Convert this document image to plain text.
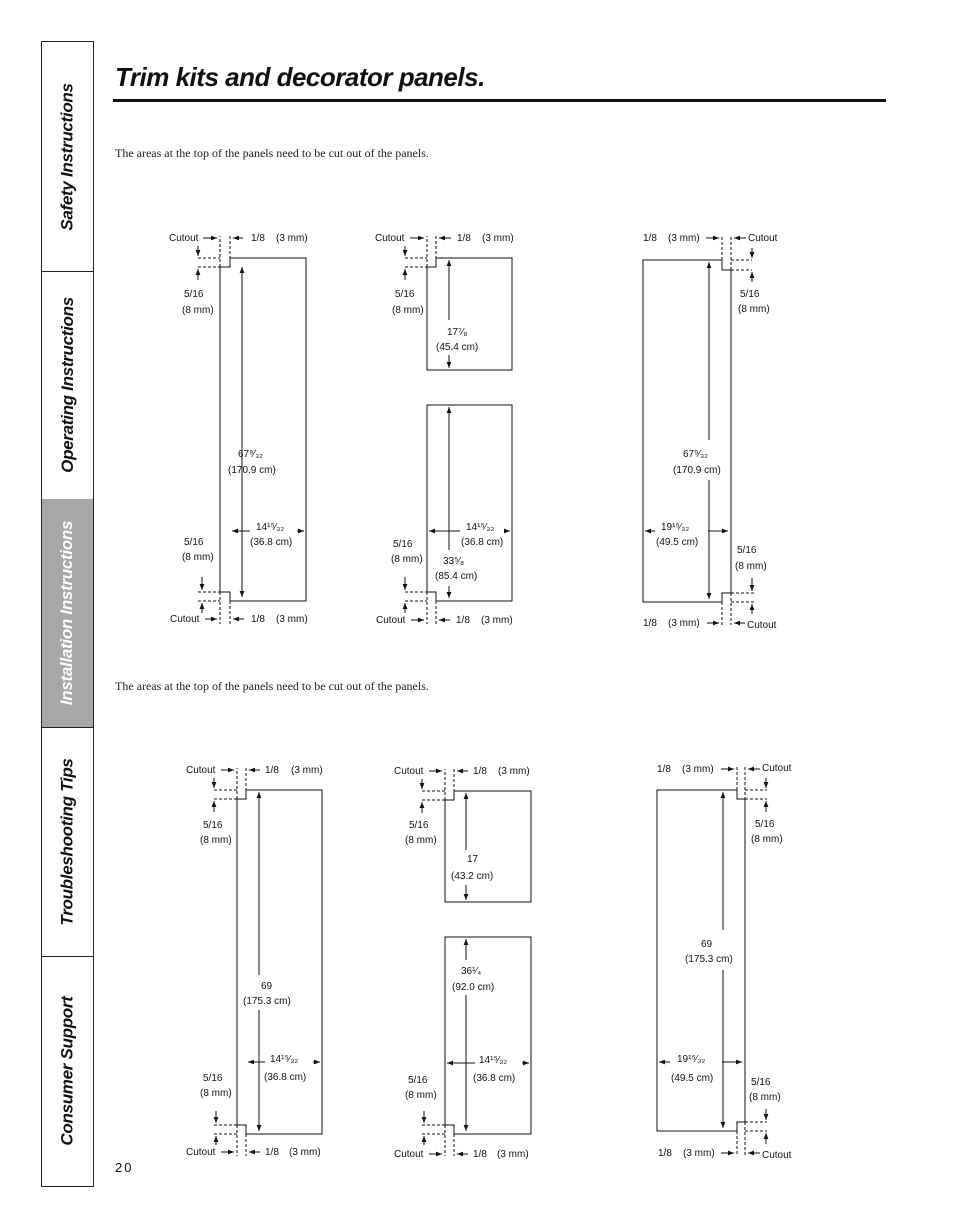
Safety Instructions
Operating Instructions
Installation Instructions
Troubleshooting Tips
Consumer Support
Trim kits and decorator panels.

The areas at the top of the panels need to be cut out of the panels.

The areas at the top of the panels need to be cut out of the panels.

Cutout	1/8 (3 mm)
5/16
(8 mm)
67⁹⁄₃₂
(170.9 cm)
14¹⁵⁄₃₂
(36.8 cm)
5/16
(8 mm)
Cutout	1/8 (3 mm)
Cutout	1/8 (3 mm)
5/16
(8 mm)
17⁷⁄₈
(45.4 cm)
33⁵⁄₈
(85.4 cm)
14¹⁵⁄₃₂
(36.8 cm)
5/16
(8 mm)
Cutout	1/8 (3 mm)
1/8 (3 mm)	Cutout
5/16
(8 mm)
67⁹⁄₃₂
(170.9 cm)
19¹⁵⁄₃₂
(49.5 cm)
5/16
(8 mm)
1/8 (3 mm)	Cutout
Cutout	1/8 (3 mm)
5/16
(8 mm)
69
(175.3 cm)
14¹⁵⁄₃₂
(36.8 cm)
5/16
(8 mm)
Cutout	1/8 (3 mm)
Cutout	1/8 (3 mm)
5/16
(8 mm)
17
(43.2 cm)
36¹⁄₄
(92.0 cm)
14¹⁵⁄₃₂
(36.8 cm)
5/16
(8 mm)
Cutout	1/8 (3 mm)
1/8 (3 mm)	Cutout
5/16
(8 mm)
69
(175.3 cm)
19¹⁵⁄₃₂
(49.5 cm)	5/16
(8 mm)
1/8 (3 mm)	Cutout
20
